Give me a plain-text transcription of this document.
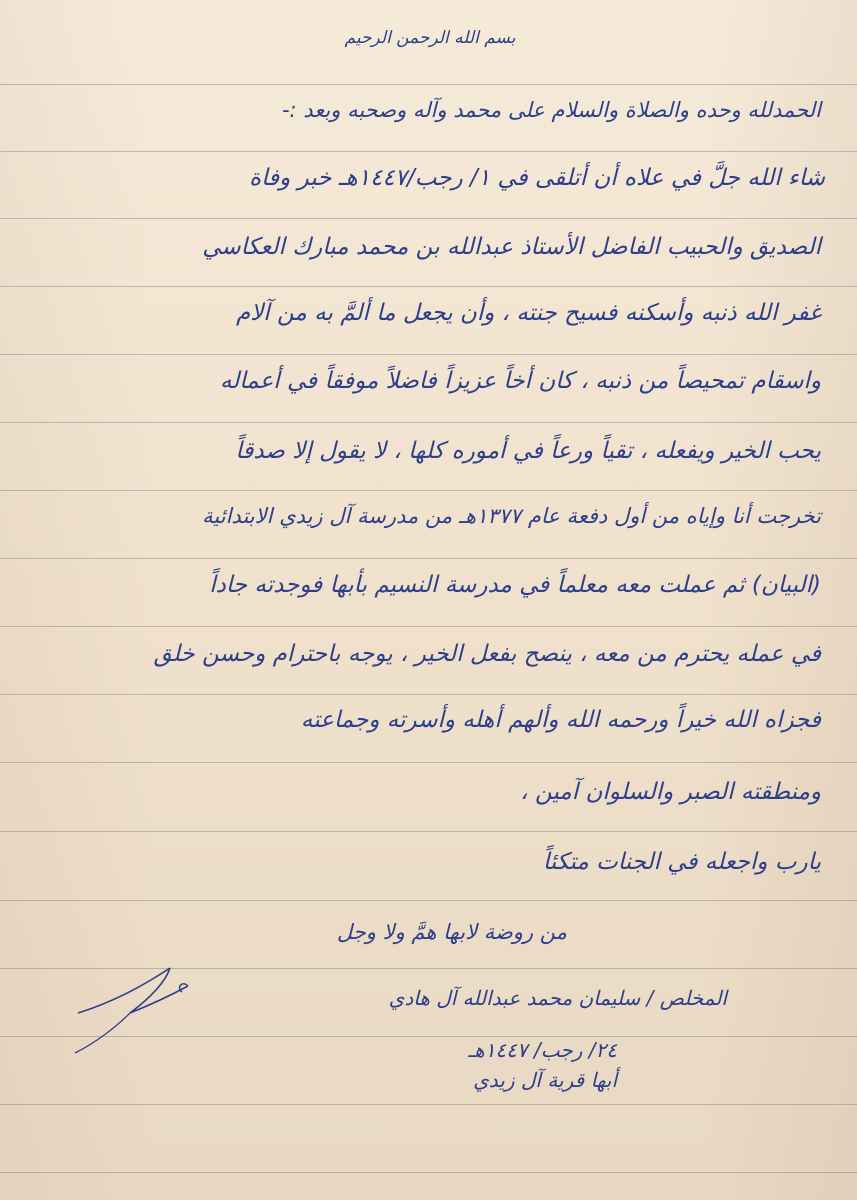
بسم الله الرحمن الرحيم
الحمدلله وحده والصلاة والسلام على محمد وآله وصحبه وبعد :-
شاء الله جلَّ في علاه أن أتلقى في ١/ رجب/١٤٤٧هـ خبر وفاة
الصديق والحبيب الفاضل الأستاذ عبدالله بن محمد مبارك العكاسي
غفر الله ذنبه وأسكنه فسيح جنته ، وأن يجعل ما ألمَّ به من آلام
واسقام تمحيصاً من ذنبه ، كان أخاً عزيزاً فاضلاً موفقاً في أعماله
يحب الخير ويفعله ، تقياً ورعاً في أموره كلها ، لا يقول إلا صدقاً
تخرجت أنا وإياه من أول دفعة عام ١٣٧٧هـ من مدرسة آل زيدي الابتدائية
(البيان) ثم عملت معه معلماً في مدرسة النسيم بأبها فوجدته جاداً
في عمله يحترم من معه ، ينصح بفعل الخير ، يوجه باحترام وحسن خلق
فجزاه الله خيراً ورحمه الله وألهم أهله وأسرته وجماعته
ومنطقته الصبر والسلوان آمين ،
يارب واجعله في الجنات متكئاً
من روضة لابها همَّ ولا وجل
المخلص / سليمان محمد عبدالله آل هادي
٢٤/ رجب/ ١٤٤٧هـ
أبها قرية آل زيدي
